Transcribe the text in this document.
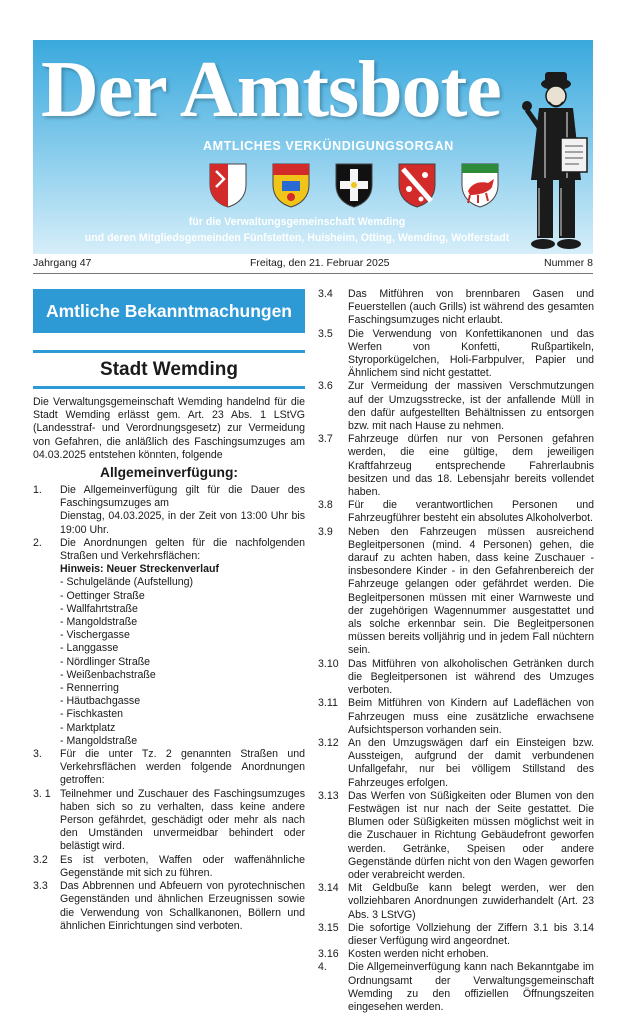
Der Amtsbote
AMTLICHES VERKÜNDIGUNGSORGAN
für die Verwaltungsgemeinschaft Wemding
und deren Mitgliedsgemeinden Fünfstetten, Huisheim, Otting, Wemding, Wolferstadt
Jahrgang 47	Freitag, den 21. Februar 2025	Nummer 8
Amtliche Bekanntmachungen
Stadt Wemding

Die Verwaltungsgemeinschaft Wemding handelnd für die Stadt Wemding erlässt gem. Art. 23 Abs. 1 LStVG (Landesstraf- und Verordnungsgesetz) zur Vermeidung von Gefahren, die anläßlich des Faschingsumzuges am 04.03.2025 entstehen könnten, folgende

Allgemeinverfügung:
1.	Die Allgemeinverfügung gilt für die Dauer des Faschingsumzuges am
Dienstag, 04.03.2025, in der Zeit von 13:00 Uhr bis 19:00 Uhr.
2.	Die Anordnungen gelten für die nachfolgenden Straßen und Verkehrsflächen:
Hinweis: Neuer Streckenverlauf
- Schulgelände (Aufstellung)
- Oettinger Straße
- Wallfahrtstraße
- Mangoldstraße
- Vischergasse
- Langgasse
- Nördlinger Straße
- Weißenbachstraße
- Rennerring
- Häutbachgasse
- Fischkasten
- Marktplatz
- Mangoldstraße
3.	Für die unter Tz. 2 genannten Straßen und Verkehrsflächen werden folgende Anordnungen getroffen:
3. 1 Teilnehmer und Zuschauer des Faschingsumzuges haben sich so zu verhalten, dass keine andere Person gefährdet, geschädigt oder mehr als nach den Umständen unvermeidbar behindert oder belästigt wird.
3.2	Es ist verboten, Waffen oder waffenähnliche Gegenstände mit sich zu führen.
3.3	Das Abbrennen und Abfeuern von pyrotechnischen Gegenständen und ähnlichen Erzeugnissen sowie die Verwendung von Schallkanonen, Böllern und ähnlichen Einrichtungen sind verboten.
3.4	Das Mitführen von brennbaren Gasen und Feuerstellen (auch Grills) ist während des gesamten Faschingsumzuges nicht erlaubt.
3.5	Die Verwendung von Konfettikanonen und das Werfen von Konfetti, Rußpartikeln, Styroporkügelchen, Holi-Farbpulver, Papier und Ähnlichem sind nicht gestattet.
3.6	Zur Vermeidung der massiven Verschmutzungen auf der Umzugsstrecke, ist der anfallende Müll in den dafür aufgestellten Behältnissen zu entsorgen bzw. mit nach Hause zu nehmen.
3.7	Fahrzeuge dürfen nur von Personen gefahren werden, die eine gültige, dem jeweiligen Kraftfahrzeug entsprechende Fahrerlaubnis besitzen und das 18. Lebensjahr bereits vollendet haben.
3.8	Für die verantwortlichen Personen und Fahrzeugführer besteht ein absolutes Alkoholverbot.
3.9	Neben den Fahrzeugen müssen ausreichend Begleitpersonen (mind. 4 Personen) gehen, die darauf zu achten haben, dass keine Zuschauer - insbesondere Kinder - in den Gefahrenbereich der Fahrzeuge gelangen oder gefährdet werden. Die Begleitpersonen müssen mit einer Warnweste und der zugehörigen Wagennummer ausgestattet und als solche erkennbar sein. Die Begleitpersonen müssen bereits volljährig und in jedem Fall nüchtern sein.
3.10 Das Mitführen von alkoholischen Getränken durch die Begleitpersonen ist während des Umzuges verboten.
3.11 Beim Mitführen von Kindern auf Ladeflächen von Fahrzeugen muss eine zusätzliche erwachsene Aufsichtsperson vorhanden sein.
3.12 An den Umzugswägen darf ein Einsteigen bzw. Aussteigen, aufgrund der damit verbundenen Unfallgefahr, nur bei völligem Stillstand des Fahrzeuges erfolgen.
3.13 Das Werfen von Süßigkeiten oder Blumen von den Festwägen ist nur nach der Seite gestattet. Die Blumen oder Süßigkeiten müssen möglichst weit in die Zuschauer in Richtung Gebäudefront geworfen werden. Getränke, Speisen oder andere Gegenstände dürfen nicht von den Wagen geworfen oder verabreicht werden.
3.14 Mit Geldbuße kann belegt werden, wer den vollziehbaren Anordnungen zuwiderhandelt (Art. 23 Abs. 3 LStVG)
3.15 Die sofortige Vollziehung der Ziffern 3.1 bis 3.14 dieser Verfügung wird angeordnet.
3.16 Kosten werden nicht erhoben.
4.	Die Allgemeinverfügung kann nach Bekanntgabe im Ordnungsamt der Verwaltungsgemeinschaft Wemding zu den offiziellen Öffnungszeiten eingesehen werden.
